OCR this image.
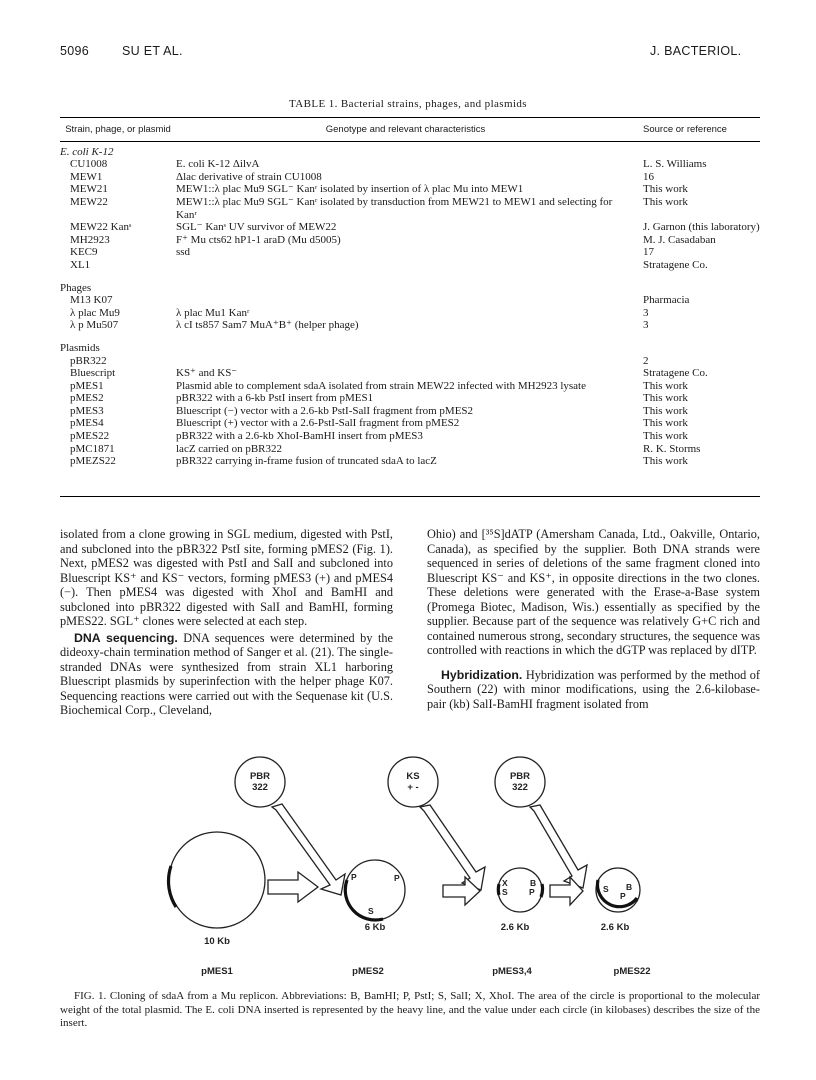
5096	SU ET AL.	J. BACTERIOL.
TABLE 1. Bacterial strains, phages, and plasmids
Strain, phage, or plasmid	Genotype and relevant characteristics	Source or reference
E. coli K-12		
CU1008	E. coli K-12 ΔilvA	L. S. Williams
MEW1	Δlac derivative of strain CU1008	16
MEW21	MEW1::λ plac Mu9 SGL⁻ Kanʳ isolated by insertion of λ plac Mu into MEW1	This work
MEW22	MEW1::λ plac Mu9 SGL⁻ Kanʳ isolated by transduction from MEW21 to MEW1 and selecting for Kanʳ	This work
MEW22 Kanˢ	SGL⁻ Kanˢ UV survivor of MEW22	J. Garnon (this laboratory)
MH2923	F⁺ Mu cts62 hP1-1 araD (Mu d5005)	M. J. Casadaban
KEC9	ssd	17
XL1		Stratagene Co.
Phages		
M13 K07		Pharmacia
λ plac Mu9	λ plac Mu1 Kanʳ	3
λ p Mu507	λ cI ts857 Sam7 MuA⁺B⁺ (helper phage)	3
Plasmids		
pBR322		2
Bluescript	KS⁺ and KS⁻	Stratagene Co.
pMES1	Plasmid able to complement sdaA isolated from strain MEW22 infected with MH2923 lysate	This work
pMES2	pBR322 with a 6-kb PstI insert from pMES1	This work
pMES3	Bluescript (−) vector with a 2.6-kb PstI-SalI fragment from pMES2	This work
pMES4	Bluescript (+) vector with a 2.6-PstI-SalI fragment from pMES2	This work
pMES22	pBR322 with a 2.6-kb XhoI-BamHI insert from pMES3	This work
pMC1871	lacZ carried on pBR322	R. K. Storms
pMEZS22	pBR322 carrying in-frame fusion of truncated sdaA to lacZ	This work

isolated from a clone growing in SGL medium, digested with PstI, and subcloned into the pBR322 PstI site, forming pMES2 (Fig. 1). Next, pMES2 was digested with PstI and SalI and subcloned into Bluescript KS⁺ and KS⁻ vectors, forming pMES3 (+) and pMES4 (−). Then pMES4 was digested with XhoI and BamHI and subcloned into pBR322 digested with SalI and BamHI, forming pMES22. SGL⁺ clones were selected at each step.

DNA sequencing. DNA sequences were determined by the dideoxy-chain termination method of Sanger et al. (21). The single-stranded DNAs were synthesized from strain XL1 harboring Bluescript plasmids by superinfection with the helper phage K07. Sequencing reactions were carried out with the Sequenase kit (U.S. Biochemical Corp., Cleveland,

Ohio) and [³⁵S]dATP (Amersham Canada, Ltd., Oakville, Ontario, Canada), as specified by the supplier. Both DNA strands were sequenced in series of deletions of the same fragment cloned into Bluescript KS⁻ and KS⁺, in opposite directions in the two clones. These deletions were generated with the Erase-a-Base system (Promega Biotec, Madison, Wis.) essentially as specified by the supplier. Because part of the sequence was relatively G+C rich and contained numerous strong, secondary structures, the sequence was controlled with reactions in which the dGTP was replaced by dITP.

Hybridization. Hybridization was performed by the method of Southern (22) with minor modifications, using the 2.6-kilobase-pair (kb) SalI-BamHI fragment isolated from

PBR
322
KS
+ -
PBR
322
P	P
S
X
S
B
P	S B
P
10 Kb
6 Kb	2.6 Kb	2.6 Kb
pMES1	pMES2	pMES3,4	pMES22

FIG. 1. Cloning of sdaA from a Mu replicon. Abbreviations: B, BamHI; P, PstI; S, SalI; X, XhoI. The area of the circle is proportional to the molecular weight of the total plasmid. The E. coli DNA inserted is represented by the heavy line, and the value under each circle (in kilobases) describes the size of the insert.
